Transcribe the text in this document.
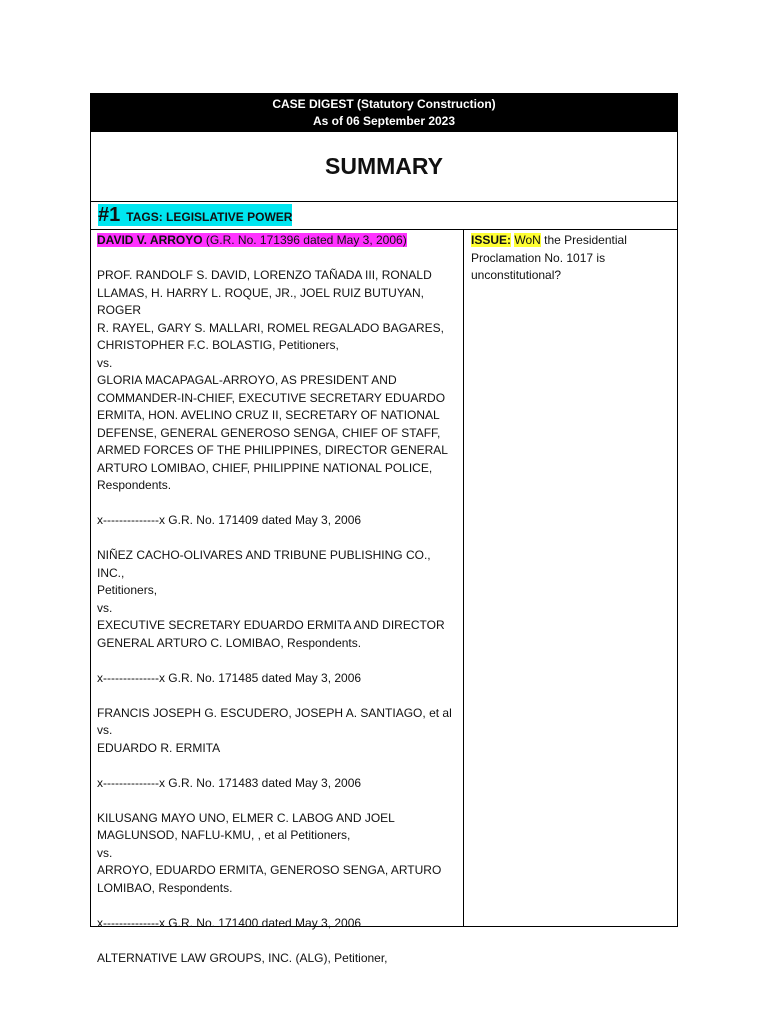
CASE DIGEST (Statutory Construction)
As of 06 September 2023
SUMMARY
#1 TAGS: LEGISLATIVE POWER
DAVID V. ARROYO (G.R. No. 171396 dated May 3, 2006)
PROF. RANDOLF S. DAVID, LORENZO TAÑADA III, RONALD
LLAMAS, H. HARRY L. ROQUE, JR., JOEL RUIZ BUTUYAN, ROGER
R. RAYEL, GARY S. MALLARI, ROMEL REGALADO BAGARES,
CHRISTOPHER F.C. BOLASTIG, Petitioners,
vs.
GLORIA MACAPAGAL-ARROYO, AS PRESIDENT AND
COMMANDER-IN-CHIEF, EXECUTIVE SECRETARY EDUARDO
ERMITA, HON. AVELINO CRUZ II, SECRETARY OF NATIONAL
DEFENSE, GENERAL GENEROSO SENGA, CHIEF OF STAFF,
ARMED FORCES OF THE PHILIPPINES, DIRECTOR GENERAL
ARTURO LOMIBAO, CHIEF, PHILIPPINE NATIONAL POLICE,
Respondents.
x--------------x G.R. No. 171409 dated May 3, 2006
NIÑEZ CACHO-OLIVARES AND TRIBUNE PUBLISHING CO., INC.,
Petitioners,
vs.
EXECUTIVE SECRETARY EDUARDO ERMITA AND DIRECTOR
GENERAL ARTURO C. LOMIBAO, Respondents.
x--------------x G.R. No. 171485 dated May 3, 2006
FRANCIS JOSEPH G. ESCUDERO, JOSEPH A. SANTIAGO, et al
vs.
EDUARDO R. ERMITA
x--------------x G.R. No. 171483 dated May 3, 2006
KILUSANG MAYO UNO, ELMER C. LABOG AND JOEL
MAGLUNSOD, NAFLU-KMU, , et al Petitioners,
vs.
ARROYO, EDUARDO ERMITA, GENEROSO SENGA, ARTURO
LOMIBAO, Respondents.
x--------------x G.R. No. 171400 dated May 3, 2006
ALTERNATIVE LAW GROUPS, INC. (ALG), Petitioner,
ISSUE: WoN the Presidential
Proclamation No. 1017 is
unconstitutional?
